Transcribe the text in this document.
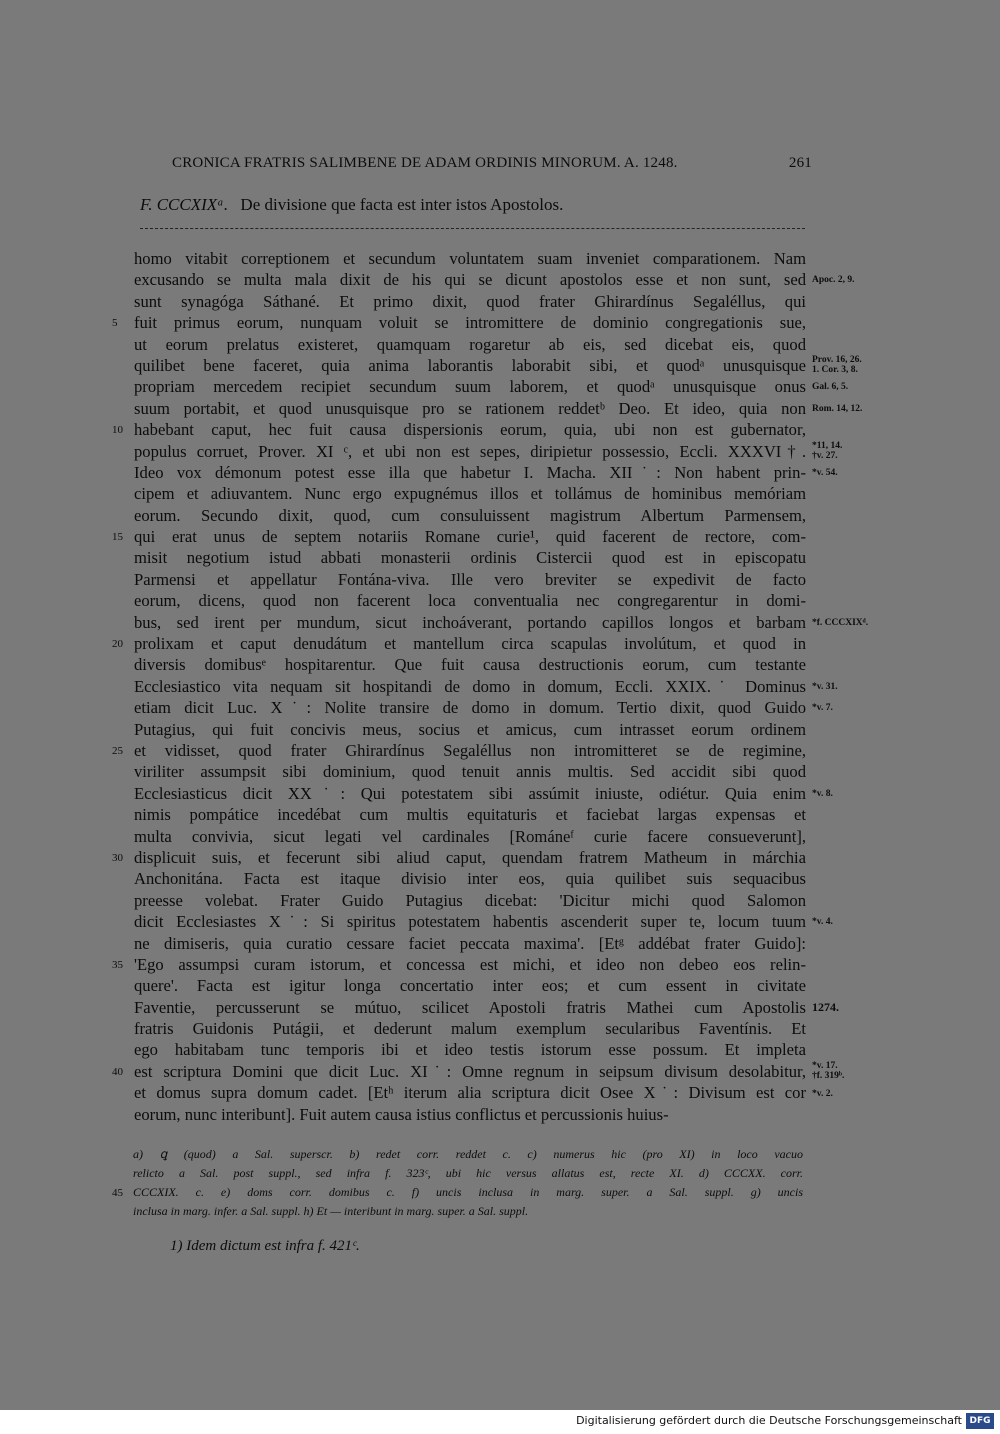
CRONICA FRATRIS SALIMBENE DE ADAM ORDINIS MINORUM. A. 1248.	261
F. CCCXIXᵃ. De divisione que facta est inter istos Apostolos.
homo vitabit correptionem et secundum voluntatem suam inveniet comparationem. Nam
excusando se multa mala dixit de his qui se dicunt apostolos esse et non sunt, sed
sunt synagóga Sáthané. Et primo dixit, quod frater Ghirardínus Segaléllus, qui
fuit primus eorum, nunquam voluit se intromittere de dominio congregationis sue,
ut eorum prelatus existeret, quamquam rogaretur ab eis, sed dicebat eis, quod
quilibet bene faceret, quia anima laborantis laborabit sibi, et quodᵃ unusquisque
propriam mercedem recipiet secundum suum laborem, et quodᵃ unusquisque onus
suum portabit, et quod unusquisque pro se rationem reddetᵇ Deo. Et ideo, quia non
habebant caput, hec fuit causa dispersionis eorum, quia, ubi non est gubernator,
populus corruet, Prover. XI ᶜ, et ubi non est sepes, diripietur possessio, Eccli. XXXVI†.
Ideo vox démonum potest esse illa que habetur I. Macha. XII˙: Non habent prin-
cipem et adiuvantem. Nunc ergo expugnémus illos et tollámus de hominibus memóriam
eorum. Secundo dixit, quod, cum consuluissent magistrum Albertum Parmensem,
qui erat unus de septem notariis Romane curie¹, quid facerent de rectore, com-
misit negotium istud abbati monasterii ordinis Cistercii quod est in episcopatu
Parmensi et appellatur Fontána-viva. Ille vero breviter se expedivit de facto
eorum, dicens, quod non facerent loca conventualia nec congregarentur in domi-
bus, sed irent per mundum, sicut inchoáverant, portando capillos longos et barbam
prolixam et caput denudátum et mantellum circa scapulas involútum, et quod in
diversis domibusᵉ hospitarentur. Que fuit causa destructionis eorum, cum testante
Ecclesiastico vita nequam sit hospitandi de domo in domum, Eccli. XXIX.˙ Dominus
etiam dicit Luc. X˙: Nolite transire de domo in domum. Tertio dixit, quod Guido
Putagius, qui fuit concivis meus, socius et amicus, cum intrasset eorum ordinem
et vidisset, quod frater Ghirardínus Segaléllus non intromitteret se de regimine,
viriliter assumpsit sibi dominium, quod tenuit annis multis. Sed accidit sibi quod
Ecclesiasticus dicit XX˙: Qui potestatem sibi assúmit iniuste, odiétur. Quia enim
nimis pompátice incedébat cum multis equitaturis et faciebat largas expensas et
multa convivia, sicut legati vel cardinales [Románeᶠ curie facere consueverunt],
displicuit suis, et fecerunt sibi aliud caput, quendam fratrem Matheum in márchia
Anchonitána. Facta est itaque divisio inter eos, quia quilibet suis sequacibus
preesse volebat. Frater Guido Putagius dicebat: 'Dicitur michi quod Salomon
dicit Ecclesiastes X˙: Si spiritus potestatem habentis ascenderit super te, locum tuum
ne dimiseris, quia curatio cessare faciet peccata maxima'. [Etᵍ addébat frater Guido]:
'Ego assumpsi curam istorum, et concessa est michi, et ideo non debeo eos relin-
quere'. Facta est igitur longa concertatio inter eos; et cum essent in civitate
Faventie, percusserunt se mútuo, scilicet Apostoli fratris Mathei cum Apostolis
fratris Guidonis Putágii, et dederunt malum exemplum secularibus Faventínis. Et
ego habitabam tunc temporis ibi et ideo testis istorum esse possum. Et impleta
est scriptura Domini que dicit Luc. XI˙: Omne regnum in seipsum divisum desolabitur,
et domus supra domum cadet. [Etʰ iterum alia scriptura dicit Osee X˙: Divisum est cor
eorum, nunc interibunt]. Fuit autem causa istius conflictus et percussionis huius-
5
10
15
20
25
30
35
40
45
Apoc. 2, 9.
Prov. 16, 26.
1. Cor. 3, 8.
Gal. 6, 5.
Rom. 14, 12.
*11, 14.
†v. 27.
*v. 54.
*f. CCCXIXᵈ.
*v. 31.
*v. 7.
*v. 8.
*v. 4.
1274.
*v. 17.
†f. 319ᵇ.
*v. 2.
a) ꝗ (quod) a Sal. superscr. b) redet corr. reddet c. c) numerus hic (pro XI) in loco vacuo
relicto a Sal. post suppl., sed infra f. 323ᶜ, ubi hic versus allatus est, recte XI. d) CCCXX. corr.
CCCXIX. c. e) doms corr. domibus c. f) uncis inclusa in marg. super. a Sal. suppl. g) uncis
inclusa in marg. infer. a Sal. suppl. h) Et — interibunt in marg. super. a Sal. suppl.
1) Idem dictum est infra f. 421ᶜ.
Digitalisierung gefördert durch die Deutsche Forschungsgemeinschaft DFG
